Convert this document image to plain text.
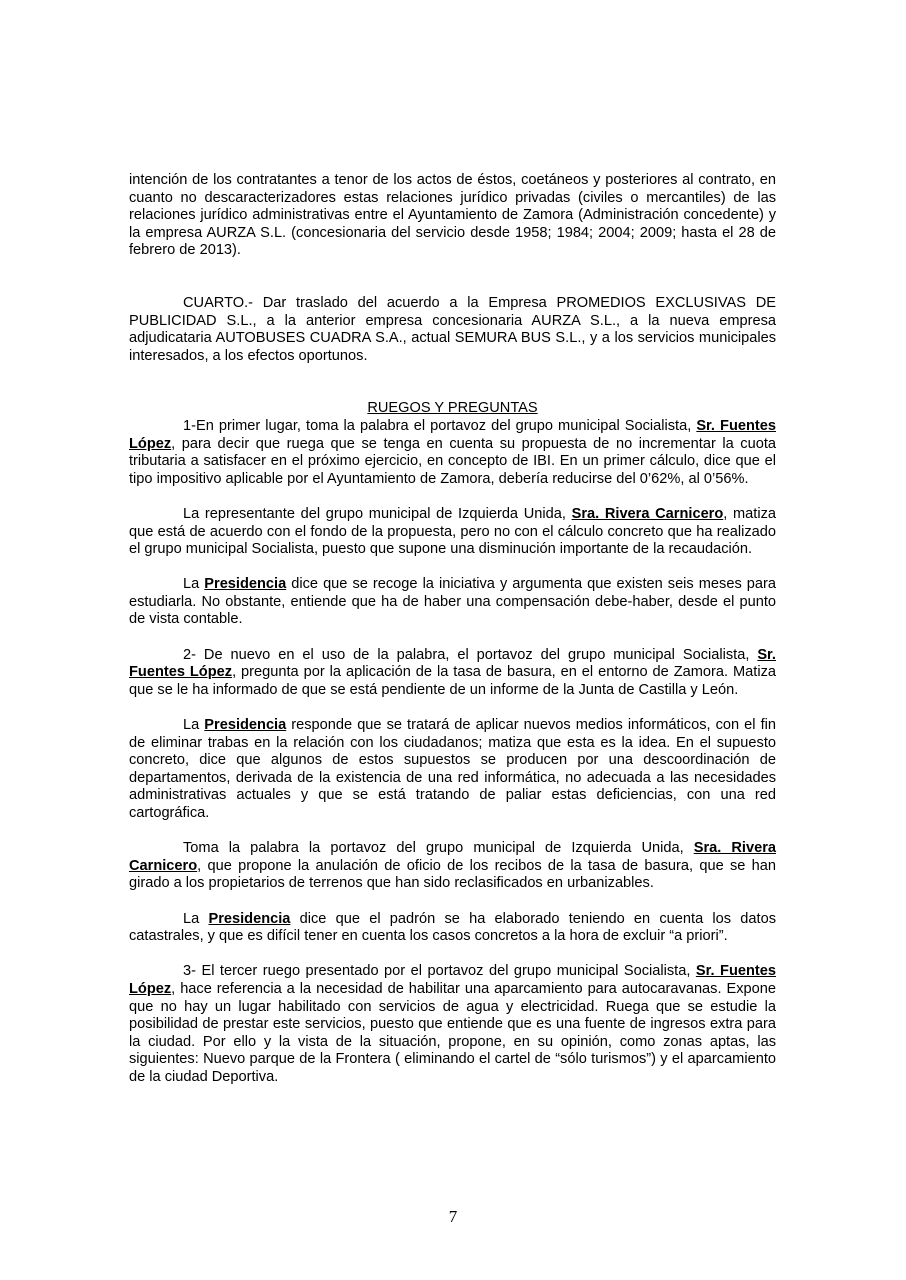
intención de los contratantes a tenor de los actos de éstos, coetáneos y posteriores al contrato, en cuanto no descaracterizadores estas relaciones jurídico privadas (civiles o mercantiles) de las relaciones jurídico administrativas entre el Ayuntamiento de Zamora (Administración concedente) y la empresa AURZA S.L. (concesionaria del servicio desde 1958; 1984; 2004; 2009; hasta el 28 de febrero de 2013).

CUARTO.- Dar traslado del acuerdo a la Empresa PROMEDIOS EXCLUSIVAS DE PUBLICIDAD S.L., a la anterior empresa concesionaria AURZA S.L., a la nueva empresa adjudicataria AUTOBUSES CUADRA S.A., actual SEMURA BUS S.L., y a los servicios municipales interesados, a los efectos oportunos.

RUEGOS Y PREGUNTAS

1-En primer lugar, toma la palabra el portavoz del grupo municipal Socialista, Sr. Fuentes López, para decir que ruega que se tenga en cuenta su propuesta de no incrementar la cuota tributaria a satisfacer en el próximo ejercicio, en concepto de IBI. En un primer cálculo, dice que el tipo impositivo aplicable por el Ayuntamiento de Zamora, debería reducirse del 0’62%, al 0’56%.

La representante del grupo municipal de Izquierda Unida, Sra. Rivera Carnicero, matiza que está de acuerdo con el fondo de la propuesta, pero no con el cálculo concreto que ha realizado el grupo municipal Socialista, puesto que supone una disminución importante de la recaudación.

La Presidencia dice que se recoge la iniciativa y argumenta que existen seis meses para estudiarla. No obstante, entiende que ha de haber una compensación debe-haber, desde el punto de vista contable.

2- De nuevo en el uso de la palabra, el portavoz del grupo municipal Socialista, Sr. Fuentes López, pregunta por la aplicación de la tasa de basura, en el entorno de Zamora. Matiza que se le ha informado de que se está pendiente de un informe de la Junta de Castilla y León.

La Presidencia responde que se tratará de aplicar nuevos medios informáticos, con el fin de eliminar trabas en la relación con los ciudadanos; matiza que esta es la idea. En el supuesto concreto, dice que algunos de estos supuestos se producen por una descoordinación de departamentos, derivada de la existencia de una red informática, no adecuada a las necesidades administrativas actuales y que se está tratando de paliar estas deficiencias, con una red cartográfica.

Toma la palabra la portavoz del grupo municipal de Izquierda Unida, Sra. Rivera Carnicero, que propone la anulación de oficio de los recibos de la tasa de basura, que se han girado a los propietarios de terrenos que han sido reclasificados en urbanizables.

La Presidencia dice que el padrón se ha elaborado teniendo en cuenta los datos catastrales, y que es difícil tener en cuenta los casos concretos a la hora de excluir “a priori”.

3- El tercer ruego presentado por el portavoz del grupo municipal Socialista, Sr. Fuentes López, hace referencia a la necesidad de habilitar una aparcamiento para autocaravanas. Expone que no hay un lugar habilitado con servicios de agua y electricidad. Ruega que se estudie la posibilidad de prestar este servicios, puesto que entiende que es una fuente de ingresos extra para la ciudad. Por ello y la vista de la situación, propone, en su opinión, como zonas aptas, las siguientes: Nuevo parque de la Frontera ( eliminando el cartel de “sólo turismos”) y el aparcamiento de la ciudad Deportiva.

7
